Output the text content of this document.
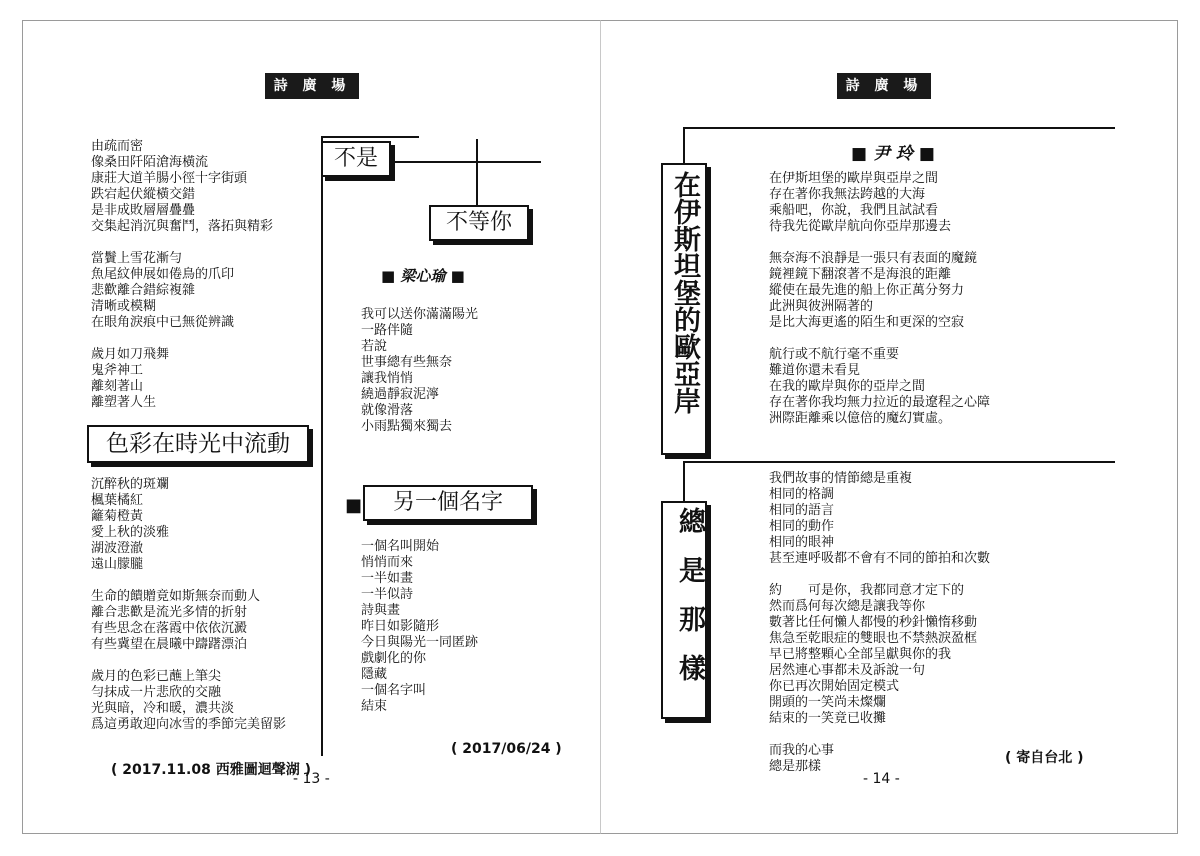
詩 廣 場
由疏而密
像桑田阡陌滄海橫流
康莊大道羊腸小徑十字街頭
跌宕起伏縱橫交錯
是非成敗層層疊疊
交集起消沉與奮鬥，落拓與精彩
當鬢上雪花漸勻
魚尾紋伸展如倦鳥的爪印
悲歡離合錯綜複雜
清晰或模糊
在眼角淚痕中已無從辨識
歲月如刀飛舞
鬼斧神工
離刻著山
離塑著人生
色彩在時光中流動
沉醉秋的斑斕
楓葉橘紅
籬菊橙黃
愛上秋的淡雅
湖波澄澈
遠山朦朧
生命的饋贈竟如斯無奈而動人
離合悲歡是流光多情的折射
有些思念在落霞中依依沉澱
有些冀望在晨曦中躊躇漂泊
歲月的色彩已蘸上筆尖
勻抹成一片悲欣的交融
光與暗，冷和暖，濃共淡
爲這勇敢迎向冰雪的季節完美留影
( 2017.11.08 西雅圖迴聲湖 )
不是
不等你
■ 梁心瑜 ■
我可以送你滿滿陽光
一路伴隨
若說
世事總有些無奈
讓我悄悄
繞過靜寂泥濘
就像滑落
小雨點獨來獨去
■	另一個名字
一個名叫開始
悄悄而來
一半如畫
一半似詩
詩與畫
昨日如影隨形
今日與陽光一同匿跡
戲劇化的你
隱藏
一個名字叫
結束
( 2017/06/24 )
- 13 -
詩 廣 場
在伊斯坦堡的歐亞岸
■ 尹 玲 ■
在伊斯坦堡的歐岸與亞岸之間
存在著你我無法跨越的大海
乘船吧，你說，我們且試試看
待我先從歐岸航向你亞岸那邊去
無奈海不浪靜是一張只有表面的魔鏡
鏡裡鏡下翻滾著不是海浪的距離
縱使在最先進的船上你正萬分努力
此洲與彼洲隔著的
是比大海更遙的陌生和更深的空寂
航行或不航行毫不重要
難道你還未看見
在我的歐岸與你的亞岸之間
存在著你我均無力拉近的最遼程之心障
洲際距離乘以億倍的魔幻實虛。
總是那樣
我們故事的情節總是重複
相同的格調
相同的語言
相同的動作
相同的眼神
甚至連呼吸都不會有不同的節拍和次數
約　　可是你，我都同意才定下的
然而爲何每次總是讓我等你
數著比任何懶人都慢的秒針懶惰移動
焦急至乾眼症的雙眼也不禁熱淚盈框
早已將整顆心全部呈獻與你的我
居然連心事都未及訴說一句
你已再次開始固定模式
開頭的一笑尚未燦爛
結束的一笑竟已收攤
而我的心事
總是那樣
( 寄自台北 )
- 14 -
